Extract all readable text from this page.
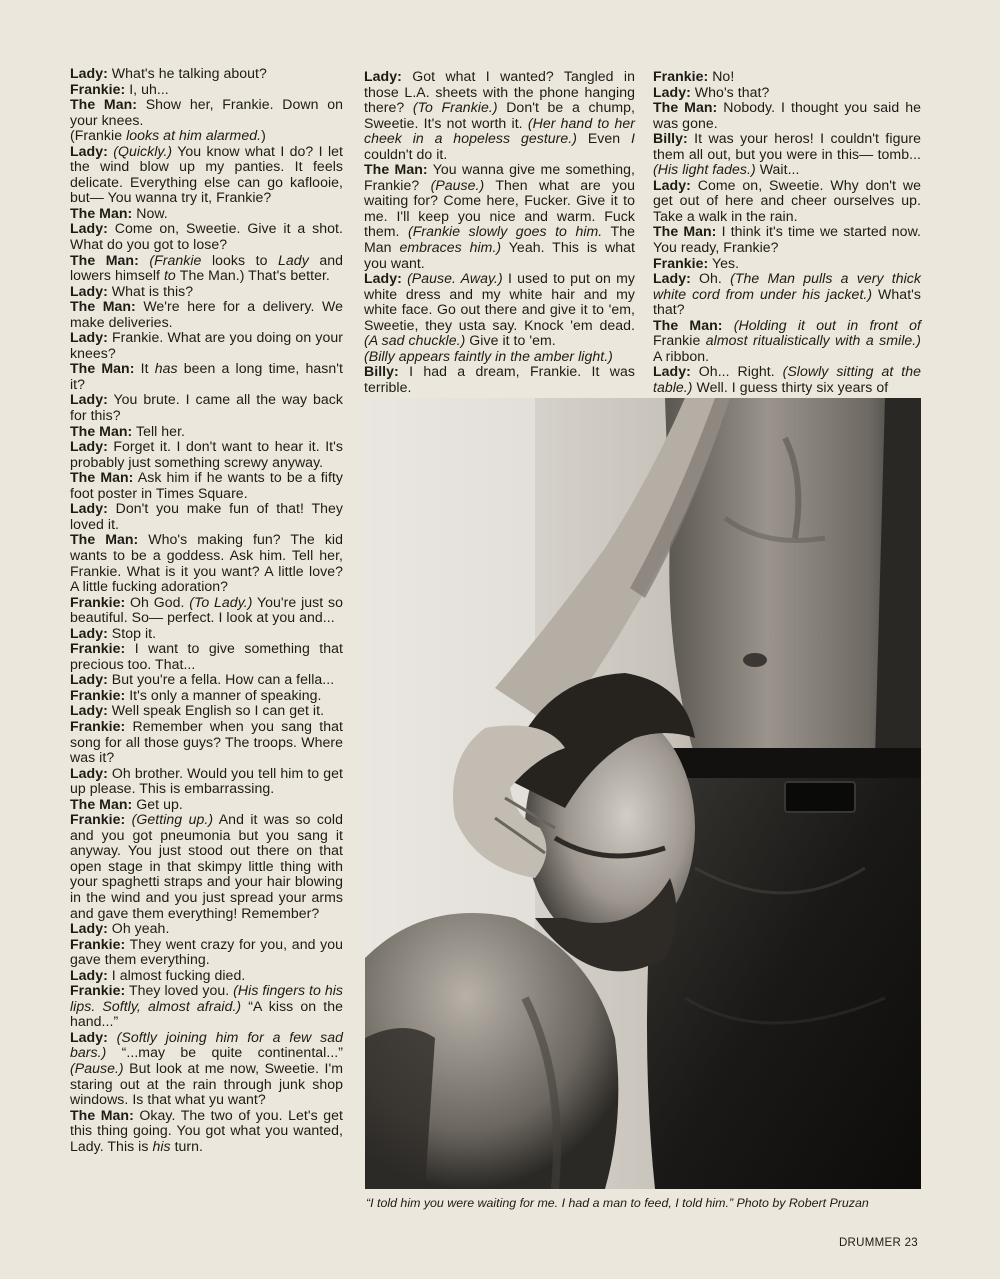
Lady: What's he talking about?

Frankie: I, uh...

The Man: Show her, Frankie. Down on your knees.

(Frankie looks at him alarmed.)

Lady: (Quickly.) You know what I do? I let the wind blow up my panties. It feels delicate. Everything else can go kaflooie, but— You wanna try it, Frankie?

The Man: Now.

Lady: Come on, Sweetie. Give it a shot. What do you got to lose?

The Man: (Frankie looks to Lady and lowers himself to The Man.) That's better.

Lady: What is this?

The Man: We're here for a delivery. We make deliveries.

Lady: Frankie. What are you doing on your knees?

The Man: It has been a long time, hasn't it?

Lady: You brute. I came all the way back for this?

The Man: Tell her.

Lady: Forget it. I don't want to hear it. It's probably just something screwy anyway.

The Man: Ask him if he wants to be a fifty foot poster in Times Square.

Lady: Don't you make fun of that! They loved it.

The Man: Who's making fun? The kid wants to be a goddess. Ask him. Tell her, Frankie. What is it you want? A little love? A little fucking adoration?

Frankie: Oh God. (To Lady.) You're just so beautiful. So— perfect. I look at you and...

Lady: Stop it.

Frankie: I want to give something that precious too. That...

Lady: But you're a fella. How can a fella...

Frankie: It's only a manner of speaking.

Lady: Well speak English so I can get it.

Frankie: Remember when you sang that song for all those guys? The troops. Where was it?

Lady: Oh brother. Would you tell him to get up please. This is embarrassing.

The Man: Get up.

Frankie: (Getting up.) And it was so cold and you got pneumonia but you sang it anyway. You just stood out there on that open stage in that skimpy little thing with your spaghetti straps and your hair blowing in the wind and you just spread your arms and gave them everything! Remember?

Lady: Oh yeah.

Frankie: They went crazy for you, and you gave them everything.

Lady: I almost fucking died.

Frankie: They loved you. (His fingers to his lips. Softly, almost afraid.) “A kiss on the hand...”

Lady: (Softly joining him for a few sad bars.) “...may be quite continental...” (Pause.) But look at me now, Sweetie. I'm staring out at the rain through junk shop windows. Is that what yu want?

The Man: Okay. The two of you. Let's get this thing going. You got what you wanted, Lady. This is his turn.

Lady: Got what I wanted? Tangled in those L.A. sheets with the phone hanging there? (To Frankie.) Don't be a chump, Sweetie. It's not worth it. (Her hand to her cheek in a hopeless gesture.) Even I couldn't do it.

The Man: You wanna give me something, Frankie? (Pause.) Then what are you waiting for? Come here, Fucker. Give it to me. I'll keep you nice and warm. Fuck them. (Frankie slowly goes to him. The Man embraces him.) Yeah. This is what you want.

Lady: (Pause. Away.) I used to put on my white dress and my white hair and my white face. Go out there and give it to 'em, Sweetie, they usta say. Knock 'em dead. (A sad chuckle.) Give it to 'em.

(Billy appears faintly in the amber light.)

Billy: I had a dream, Frankie. It was terrible.

Frankie: No!

Lady: Who's that?

The Man: Nobody. I thought you said he was gone.

Billy: It was your heros! I couldn't figure them all out, but you were in this— tomb... (His light fades.) Wait...

Lady: Come on, Sweetie. Why don't we get out of here and cheer ourselves up. Take a walk in the rain.

The Man: I think it's time we started now. You ready, Frankie?

Frankie: Yes.

Lady: Oh. (The Man pulls a very thick white cord from under his jacket.) What's that?

The Man: (Holding it out in front of Frankie almost ritualistically with a smile.) A ribbon.

Lady: Oh... Right. (Slowly sitting at the table.) Well. I guess thirty six years of

“I told him you were waiting for me. I had a man to feed, I told him.” Photo by Robert Pruzan
DRUMMER 23
